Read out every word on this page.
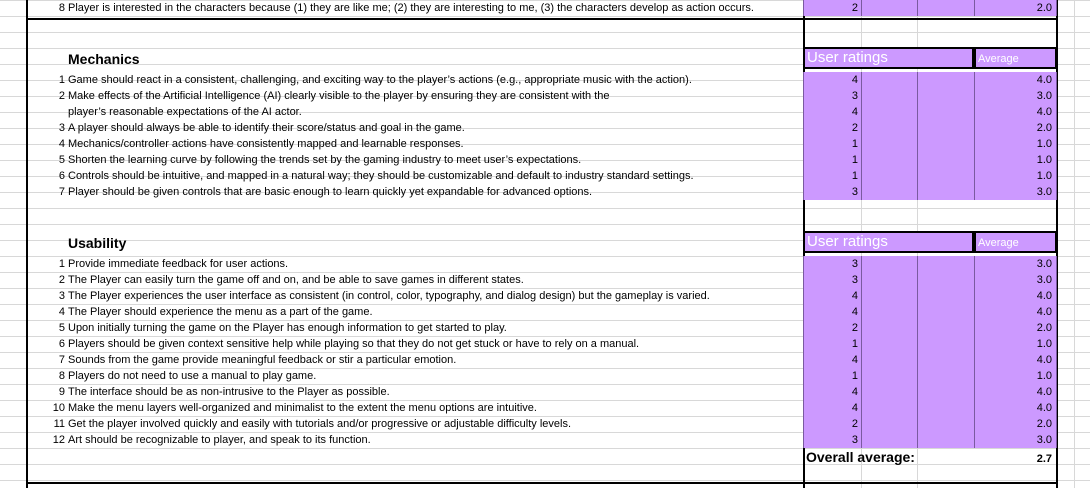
8 Player is interested in the characters because (1) they are like me; (2) they are interesting to me, (3) the characters develop as action occurs.	2	2.0
Mechanics	User ratings	Average
1 Game should react in a consistent, challenging, and exciting way to the player’s actions (e.g., appropriate music with the action).	4	4.0
2 Make effects of the Artificial Intelligence (AI) clearly visible to the player by ensuring they are consistent with the	3	3.0
player’s reasonable expectations of the AI actor.	4	4.0
3 A player should always be able to identify their score/status and goal in the game.	2	2.0
4 Mechanics/controller actions have consistently mapped and learnable responses.	1	1.0
5 Shorten the learning curve by following the trends set by the gaming industry to meet user’s expectations.	1	1.0
6 Controls should be intuitive, and mapped in a natural way; they should be customizable and default to industry standard settings.	1	1.0
7 Player should be given controls that are basic enough to learn quickly yet expandable for advanced options.	3	3.0
Usability	User ratings	Average
1 Provide immediate feedback for user actions.	3	3.0
2 The Player can easily turn the game off and on, and be able to save games in different states.	3	3.0
3 The Player experiences the user interface as consistent (in control, color, typography, and dialog design) but the gameplay is varied.	4	4.0
4 The Player should experience the menu as a part of the game.	4	4.0
5 Upon initially turning the game on the Player has enough information to get started to play.	2	2.0
6 Players should be given context sensitive help while playing so that they do not get stuck or have to rely on a manual.	1	1.0
7 Sounds from the game provide meaningful feedback or stir a particular emotion.	4	4.0
8 Players do not need to use a manual to play game.	1	1.0
9 The interface should be as non-intrusive to the Player as possible.	4	4.0
10 Make the menu layers well-organized and minimalist to the extent the menu options are intuitive.	4	4.0
11 Get the player involved quickly and easily with tutorials and/or progressive or adjustable difficulty levels.	2	2.0
12 Art should be recognizable to player, and speak to its function.	3	3.0
Overall average:	2.7
